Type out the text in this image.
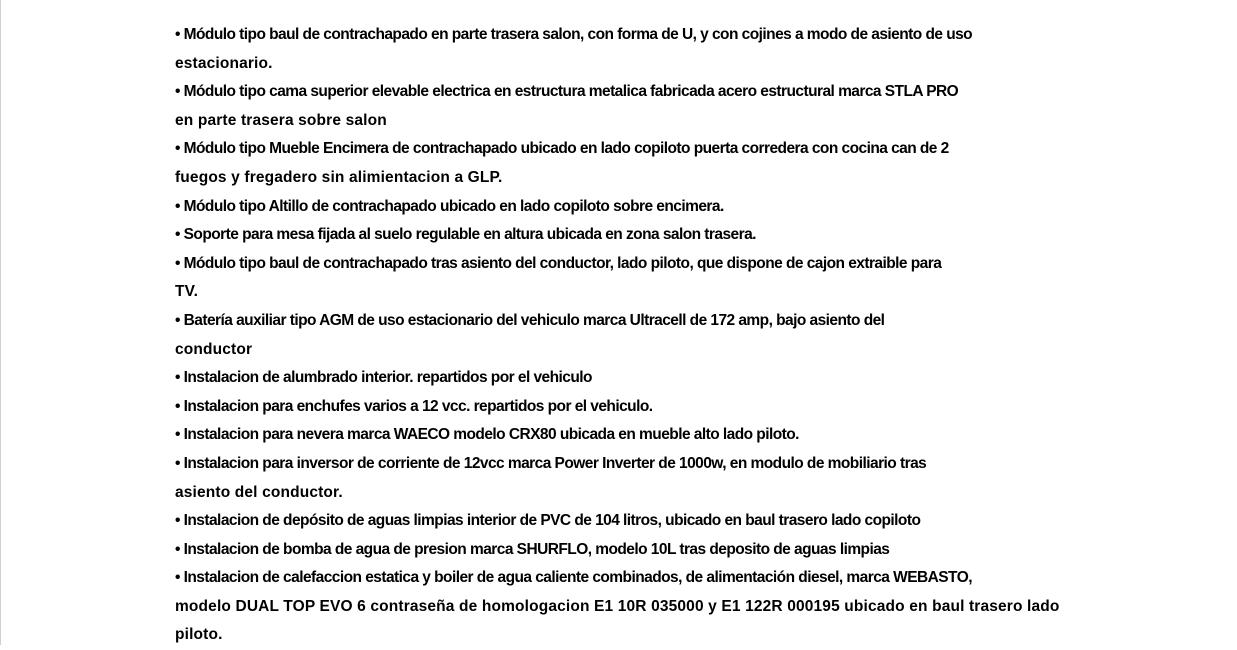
• Módulo tipo baul de contrachapado en parte trasera salon, con forma de U, y con cojines a modo de asiento de uso
estacionario.
• Módulo tipo cama superior elevable electrica en estructura metalica fabricada acero estructural marca STLA PRO
en parte trasera sobre salon
• Módulo tipo Mueble Encimera de contrachapado ubicado en lado copiloto puerta corredera con cocina can de 2
fuegos y fregadero sin alimientacion a GLP.
• Módulo tipo Altillo de contrachapado ubicado en lado copiloto sobre encimera.
• Soporte para mesa fijada al suelo regulable en altura ubicada en zona salon trasera.
• Módulo tipo baul de contrachapado tras asiento del conductor, lado piloto, que dispone de cajon extraible para
TV.
• Batería auxiliar tipo AGM de uso estacionario del vehiculo marca Ultracell de 172 amp, bajo asiento del
conductor
• Instalacion de alumbrado interior. repartidos por el vehiculo
• Instalacion para enchufes varios a 12 vcc. repartidos por el vehiculo.
• Instalacion para nevera marca WAECO modelo CRX80 ubicada en mueble alto lado piloto.
• Instalacion para inversor de corriente de 12vcc marca Power Inverter de 1000w, en modulo de mobiliario tras
asiento del conductor.
• Instalacion de depósito de aguas limpias interior de PVC de 104 litros, ubicado en baul trasero lado copiloto
• Instalacion de bomba de agua de presion marca SHURFLO, modelo 10L tras deposito de aguas limpias
• Instalacion de calefaccion estatica y boiler de agua caliente combinados, de alimentación diesel, marca WEBASTO,
modelo DUAL TOP EVO 6 contraseña de homologacion E1 10R 035000 y E1 122R 000195 ubicado en baul trasero lado
piloto.
